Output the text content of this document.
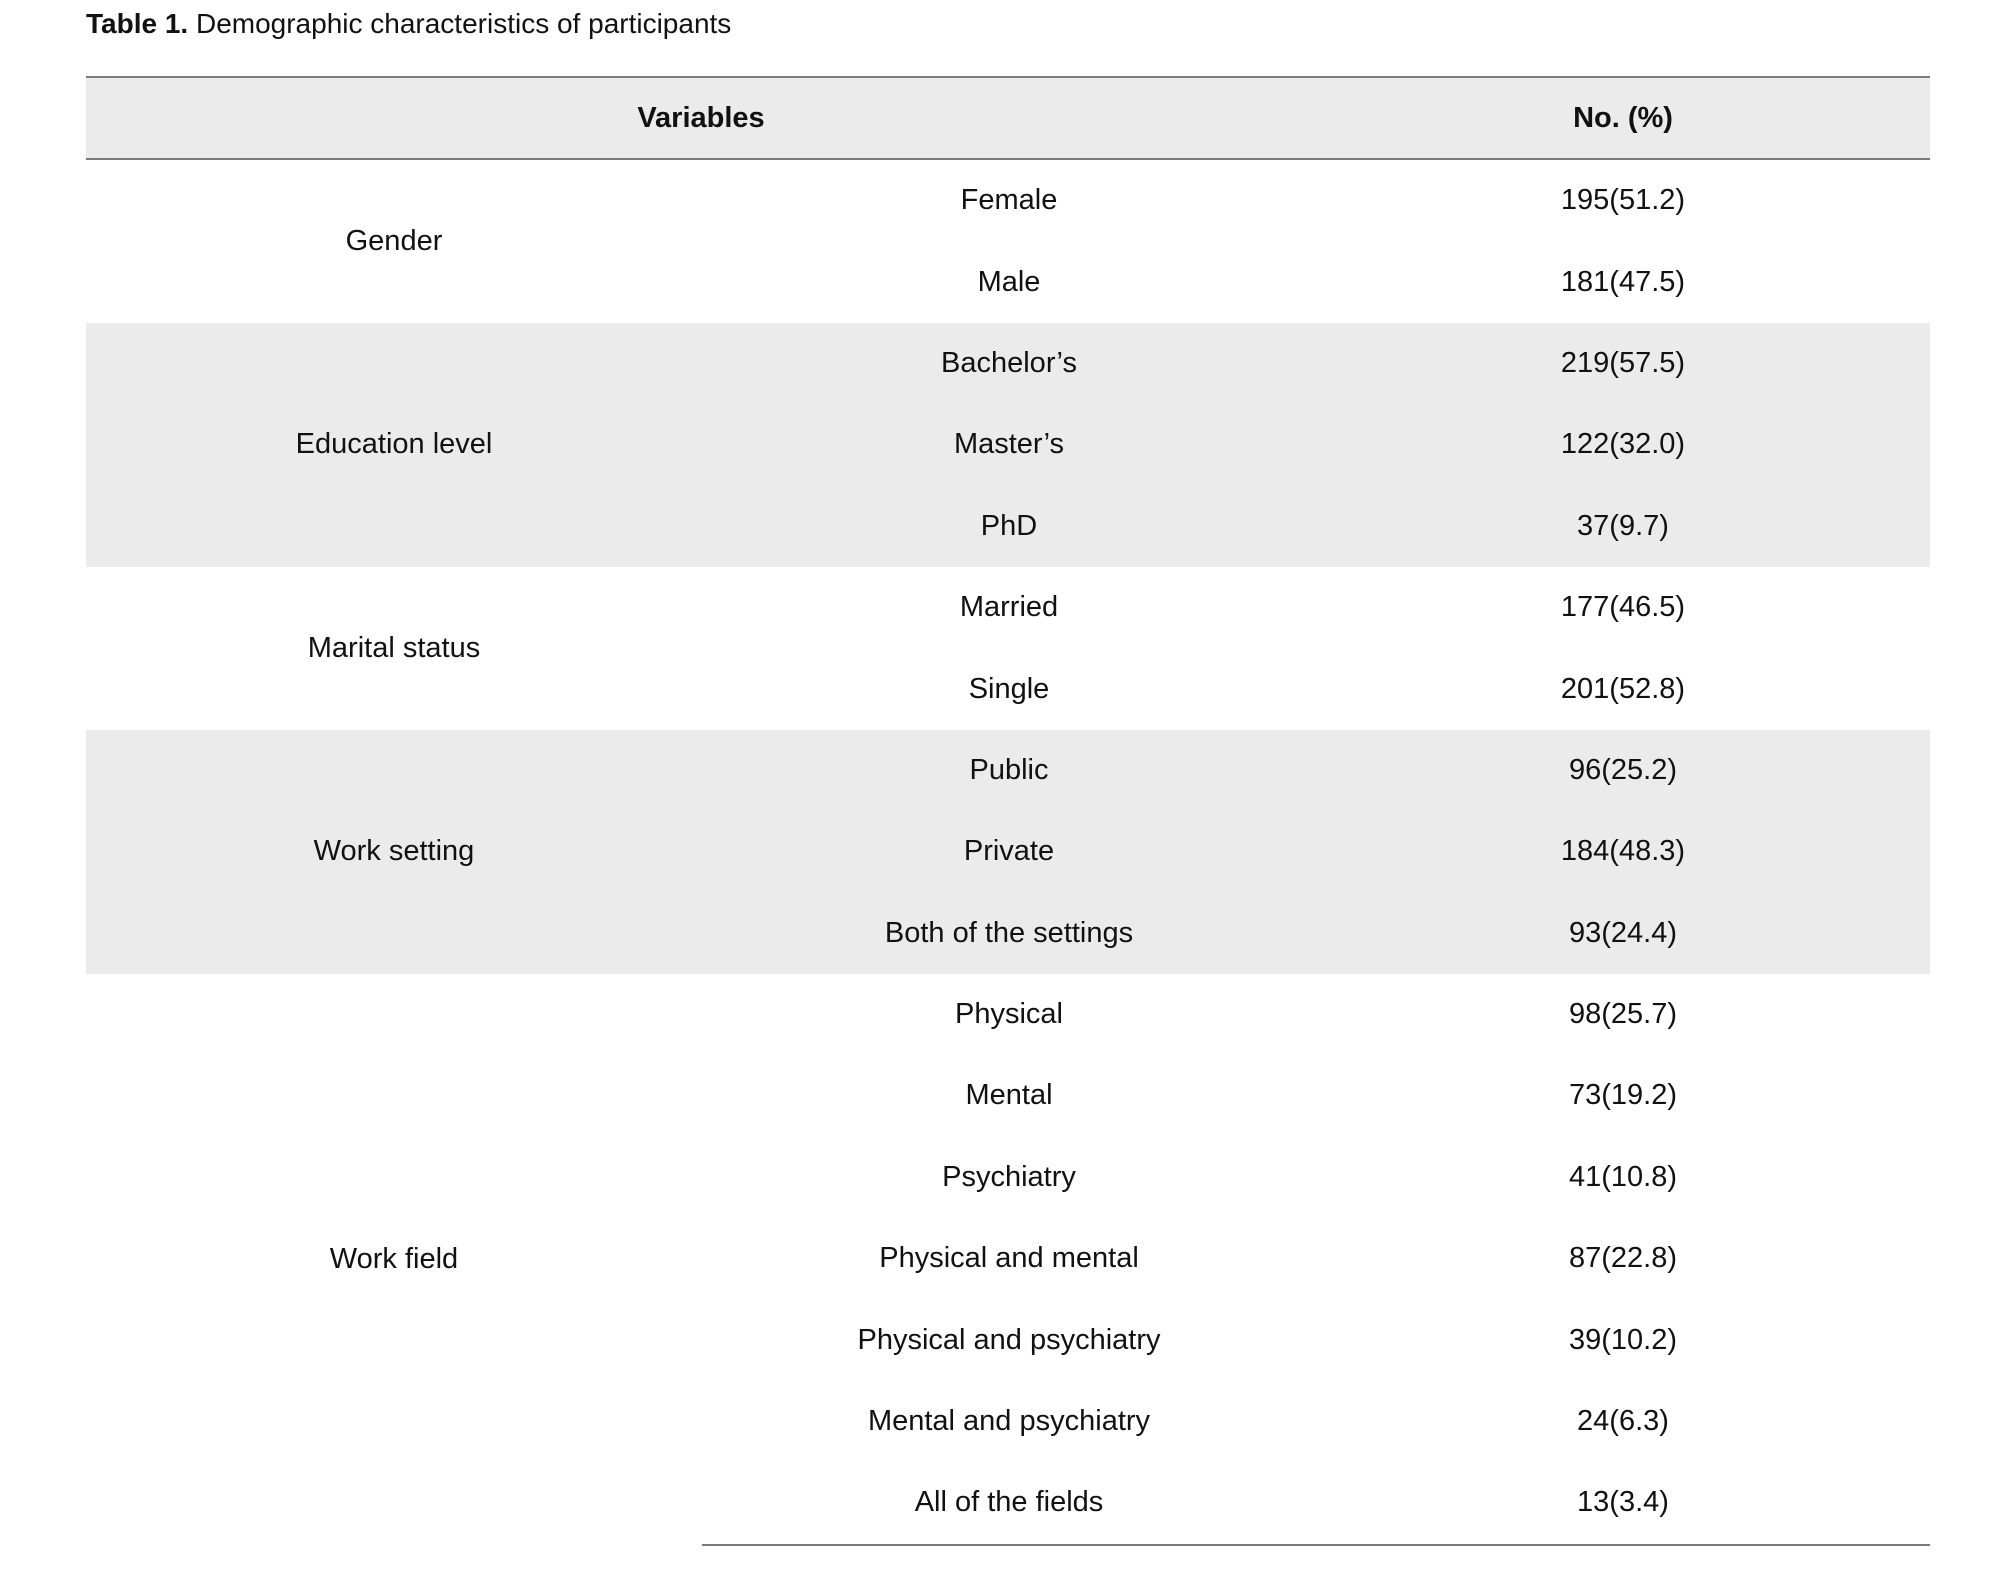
Table 1. Demographic characteristics of participants
Variables		No. (%)
Gender	Female	195(51.2)
	Male	181(47.5)
Education level	Bachelor’s	219(57.5)
	Master’s	122(32.0)
	PhD	37(9.7)
Marital status	Married	177(46.5)
	Single	201(52.8)
Work setting	Public	96(25.2)
	Private	184(48.3)
	Both of the settings	93(24.4)
Work field	Physical	98(25.7)
	Mental	73(19.2)
	Psychiatry	41(10.8)
	Physical and mental	87(22.8)
	Physical and psychiatry	39(10.2)
	Mental and psychiatry	24(6.3)
	All of the fields	13(3.4)
